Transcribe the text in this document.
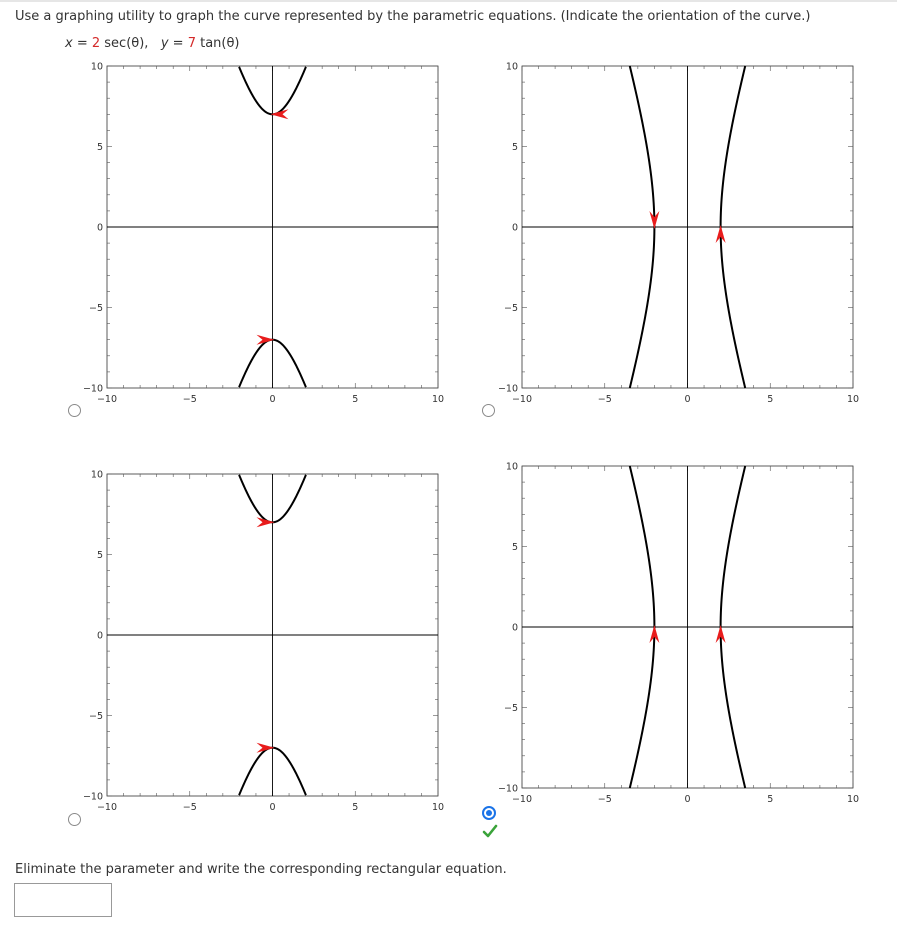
Use a graphing utility to graph the curve represented by the parametric equations. (Indicate the orientation of the curve.)
x = 2 sec(θ), y = 7 tan(θ)
10
5
0
−5
−10
−10	−5	0	5	10
10
5
0
−5
−10
−10	−5	0	5	10
10
5
0
−5
−10
−10	−5	0	5	10
10
5
0
−5
−10
−10	−5	0	5	10
Eliminate the parameter and write the corresponding rectangular equation.
